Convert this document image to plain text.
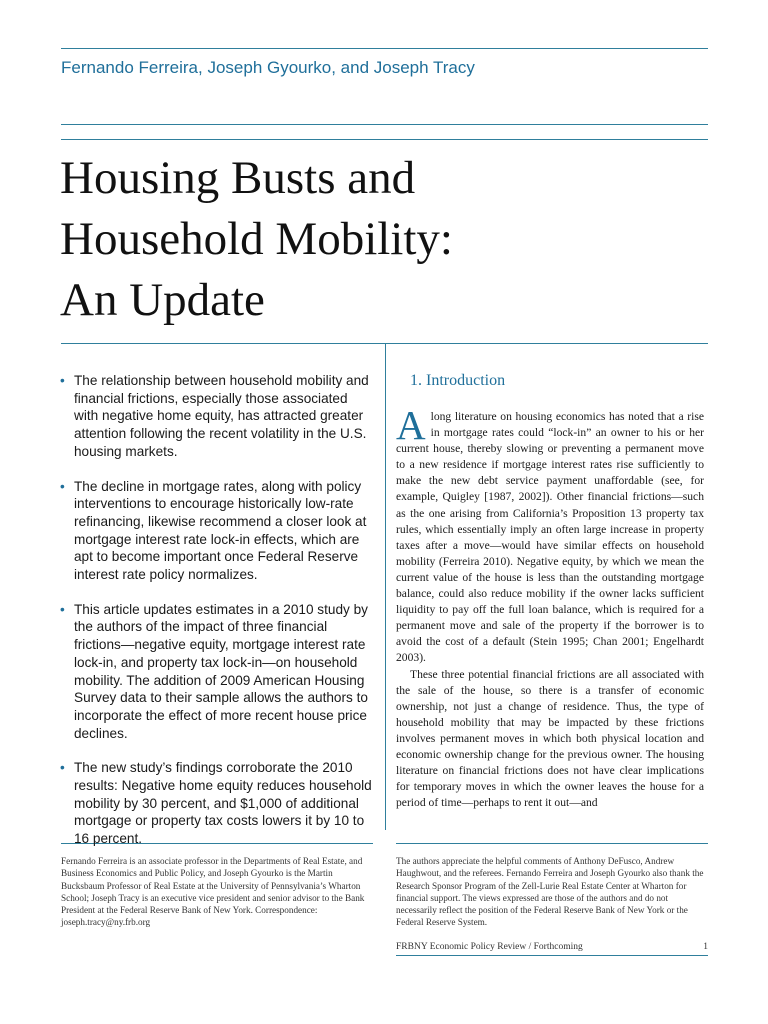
Fernando Ferreira, Joseph Gyourko, and Joseph Tracy
Housing Busts and
Household Mobility:
An Update
• The relationship between household mobility and financial frictions, especially those associated with negative home equity, has attracted greater attention following the recent volatility in the U.S. housing markets.
• The decline in mortgage rates, along with policy interventions to encourage historically low-rate refinancing, likewise recommend a closer look at mortgage interest rate lock-in effects, which are apt to become important once Federal Reserve interest rate policy normalizes.
• This article updates estimates in a 2010 study by the authors of the impact of three financial frictions—negative equity, mortgage interest rate lock-in, and property tax lock-in—on household mobility. The addition of 2009 American Housing Survey data to their sample allows the authors to incorporate the effect of more recent house price declines.
• The new study’s findings corroborate the 2010 results: Negative home equity reduces household mobility by 30 percent, and $1,000 of additional mortgage or property tax costs lowers it by 10 to 16 percent.
1. Introduction

Along literature on housing economics has noted that a rise in mortgage rates could “lock-in” an owner to his or her current house, thereby slowing or preventing a permanent move to a new residence if mortgage interest rates rise sufficiently to make the new debt service payment unaffordable (see, for example, Quigley [1987, 2002]). Other financial frictions—such as the one arising from California’s Proposition 13 property tax rules, which essentially imply an often large increase in property taxes after a move—would have similar effects on household mobility (Ferreira 2010). Negative equity, by which we mean the current value of the house is less than the outstanding mortgage balance, could also reduce mobility if the owner lacks sufficient liquidity to pay off the full loan balance, which is required for a permanent move and sale of the property if the borrower is to avoid the cost of a default (Stein 1995; Chan 2001; Engelhardt 2003).

These three potential financial frictions are all associated with the sale of the house, so there is a transfer of economic ownership, not just a change of residence. Thus, the type of household mobility that may be impacted by these frictions involves permanent moves in which both physical location and economic ownership change for the previous owner. The housing literature on financial frictions does not have clear implications for temporary moves in which the owner leaves the house for a period of time—perhaps to rent it out—and

Fernando Ferreira is an associate professor in the Departments of Real Estate, and Business Economics and Public Policy, and Joseph Gyourko is the Martin Bucksbaum Professor of Real Estate at the University of Pennsylvania’s Wharton School; Joseph Tracy is an executive vice president and senior advisor to the Bank President at the Federal Reserve Bank of New York. Correspondence: joseph.tracy@ny.frb.org
The authors appreciate the helpful comments of Anthony DeFusco, Andrew Haughwout, and the referees. Fernando Ferreira and Joseph Gyourko also thank the Research Sponsor Program of the Zell-Lurie Real Estate Center at Wharton for financial support. The views expressed are those of the authors and do not necessarily reflect the position of the Federal Reserve Bank of New York or the Federal Reserve System.
FRBNY Economic Policy Review / Forthcoming	1
